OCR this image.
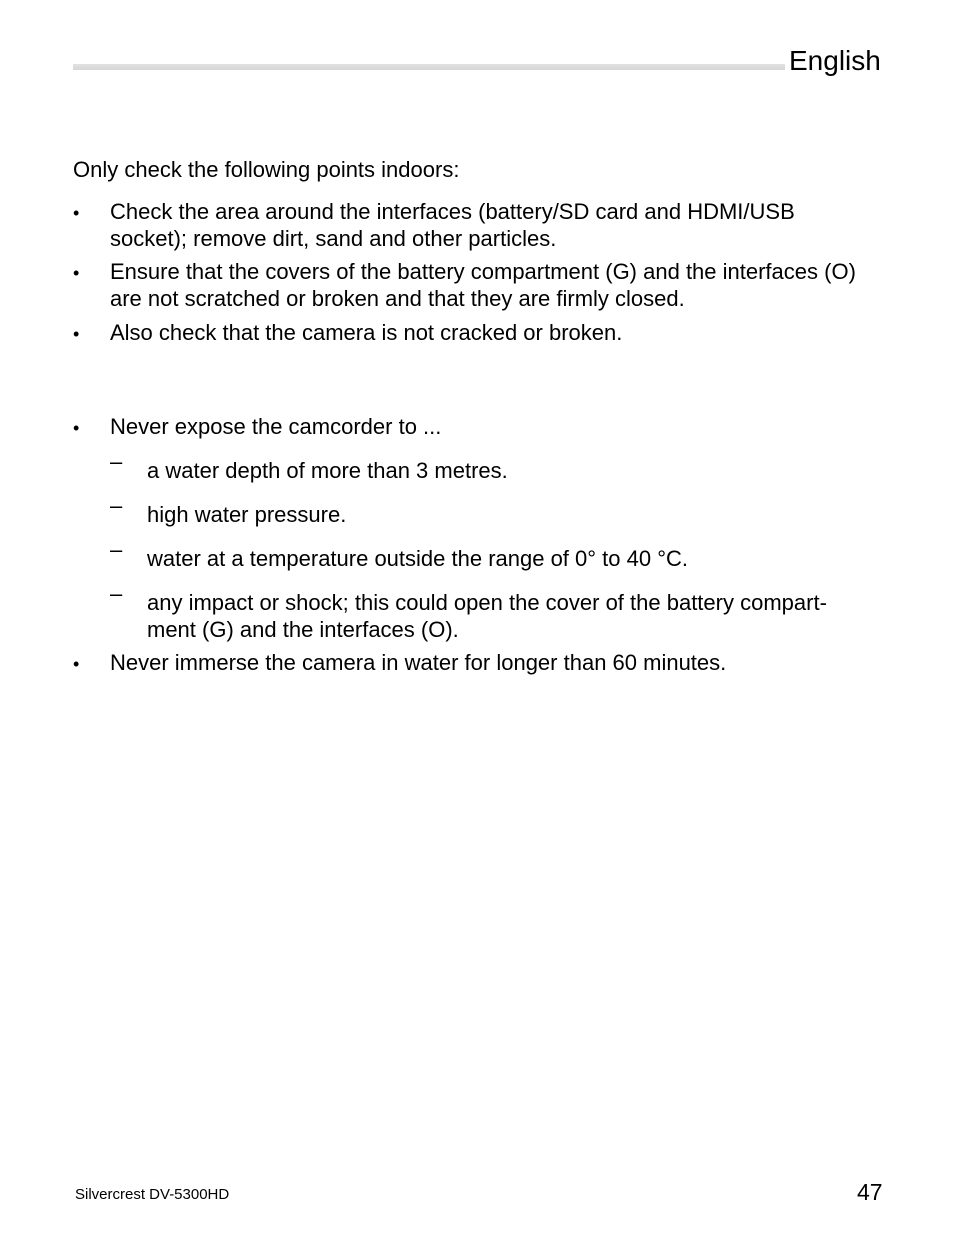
English
Only check the following points indoors:
•
Check the area around the interfaces (battery/SD card and HDMI/USB socket); remove dirt, sand and other particles.
•
Ensure that the covers of the battery compartment (G) and the interfaces (O) are not scratched or broken and that they are firmly closed.
•
Also check that the camera is not cracked or broken.
•
Never expose the camcorder to ...
– a water depth of more than 3 metres.
– high water pressure.
– water at a temperature outside the range of 0° to 40 °C.
– any impact or shock; this could open the cover of the battery compart- ment (G) and the interfaces (O).
•
Never immerse the camera in water for longer than 60 minutes.
Silvercrest DV-5300HD	47
